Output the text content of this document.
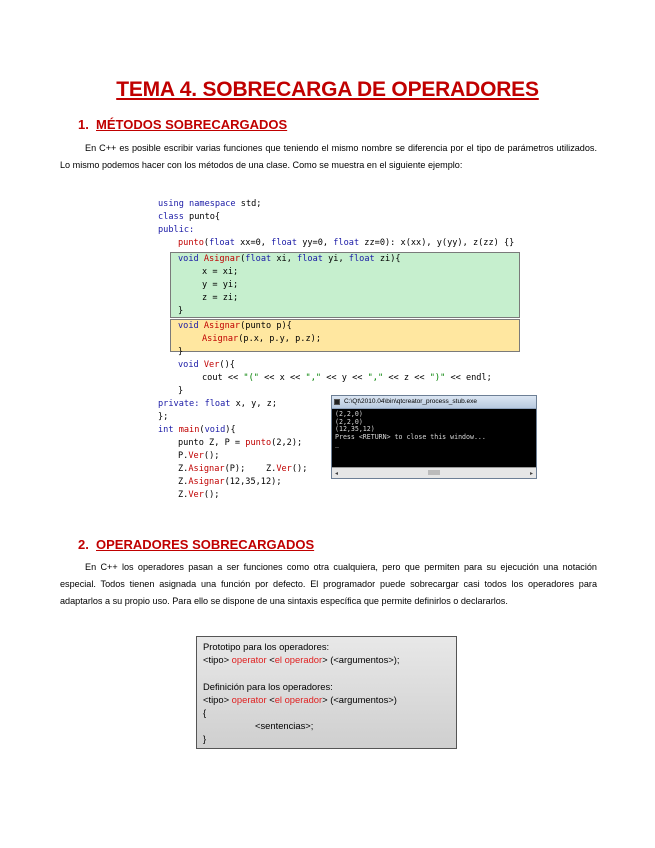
TEMA 4. SOBRECARGA DE OPERADORES
1. MÉTODOS SOBRECARGADOS

En C++ es posible escribir varias funciones que teniendo el mismo nombre se diferencia por el tipo de parámetros utilizados. Lo mismo podemos hacer con los métodos de una clase. Como se muestra en el siguiente ejemplo:

using namespace std;
class punto{
public:
punto(float xx=0, float yy=0, float zz=0): x(xx), y(yy), z(zz) {}
void Asignar(float xi, float yi, float zi){
x = xi;
y = yi;
z = zi;
}
void Asignar(punto p){
Asignar(p.x, p.y, p.z);
}
void Ver(){
cout << "(" << x << "," << y << "," << z << ")" << endl;
}
private: float x, y, z;
};
int main(void){
punto Z, P = punto(2,2);
P.Ver();
Z.Asignar(P);    Z.Ver();
Z.Asignar(12,35,12);
Z.Ver();
C:\Qt\2010.04\bin\qtcreator_process_stub.exe
(2,2,0)
(2,2,0)
(12,35,12)
Press <RETURN> to close this window...
_
◂	▸
2. OPERADORES SOBRECARGADOS

En C++ los operadores pasan a ser funciones como otra cualquiera, pero que permiten para su ejecución una notación especial. Todos tienen asignada una función por defecto. El programador puede sobrecargar casi todos los operadores para adaptarlos a su propio uso. Para ello se dispone de una sintaxis específica que permite definirlos o declararlos.

Prototipo para los operadores:
<tipo> operator <el operador> (<argumentos>);
Definición para los operadores:
<tipo> operator <el operador> (<argumentos>)
{
<sentencias>;
}
